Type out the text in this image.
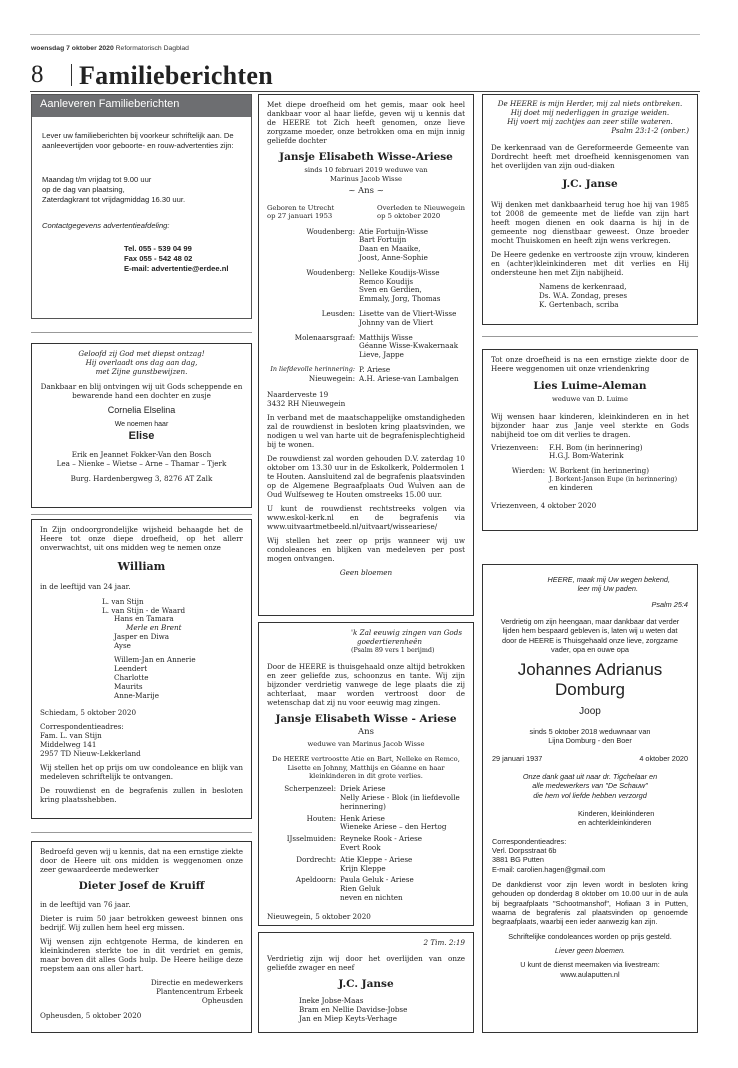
woensdag 7 oktober 2020 Reformatorisch Dagblad
8 Familieberichten
Aanleveren Familieberichten

Lever uw familieberichten bij voorkeur schriftelijk aan. De aanleevertijden voor geboorte- en rouw-advertenties zijn:

Maandag t/m vrijdag tot 9.00 uur
op de dag van plaatsing,
Zaterdagkrant tot vrijdagmiddag 16.30 uur.
Contactgegevens advertentieafdeling:
Tel. 055 - 539 04 99
Fax 055 - 542 48 02
E-mail: advertentie@erdee.nl
Geloofd zij God met diepst ontzag!
Hij overlaadt ons dag aan dag,
met Zijne gunstbewijzen.

Dankbaar en blij ontvingen wij uit Gods scheppende en bewarende hand een dochter en zusje

Cornelia Elselina
We noemen haar
Elise
Erik en Jeannet Fokker-Van den Bosch
Lea – Nienke – Wietse – Arne – Thamar – Tjerk
Burg. Hardenbergweg 3, 8276 AT Zalk

In Zijn ondoorgrondelijke wijsheid behaagde het de Heere tot onze diepe droefheid, op het allerr onverwachtst, uit ons midden weg te nemen onze

William
in de leeftijd van 24 jaar.
L. van Stijn
L. van Stijn - de Waard
Hans en Tamara
Merle en Brent
Jasper en Diwa
Ayse
Willem-Jan en Annerie
Leendert
Charlotte
Maurits
Anne-Marije

Schiedam, 5 oktober 2020

Correspondentieadres:
Fam. L. van Stijn
Middelweg 141

2957 TD Nieuw-Lekkerland

Wij stellen het op prijs om uw condoleance en blijk van medeleven schriftelijk te ontvangen.

De rouwdienst en de begrafenis zullen in besloten kring plaatsshebben.

Bedroefd geven wij u kennis, dat na een ernstige ziekte door de Heere uit ons midden is weggenomen onze zeer gewaardeerde medewerker

Dieter Josef de Kruiff

in de leeftijd van 76 jaar.

Dieter is ruim 50 jaar betrokken geweest binnen ons bedrijf. Wij zullen hem heel erg missen.

Wij wensen zijn echtgenote Herma, de kinderen en kleinkinderen sterkte toe in dit verdriet en gemis, maar boven dit alles Gods hulp. De Heere heilige deze roepstem aan ons aller hart.

Directie en medewerkers
Plantencentrum Erbeek
Opheusden
Opheusden, 5 oktober 2020

Met diepe droefheid om het gemis, maar ook heel dankbaar voor al haar liefde, geven wij u kennis dat de HEERE tot Zich heeft genomen, onze lieve zorgzame moeder, onze betrokken oma en mijn innig geliefde dochter

Jansje Elisabeth Wisse-Ariese
sinds 10 februari 2019 weduwe van
Marinus Jacob Wisse
~ Ans ~
Geboren te Utrecht
op 27 januari 1953
Overleden te Nieuwegein
op 5 oktober 2020
Woudenberg: Atie Fortuijn-Wisse
Bart Fortuijn
Daan en Maaike,
Joost, Anne-Sophie
Woudenberg: Nelleke Koudijs-Wisse
Remco Koudijs
Sven en Gerdien,
Emmaly, Jorg, Thomas
Leusden: Lisette van de Vliert-Wisse
Johnny van de Vliert
Molenaarsgraaf: Matthijs Wisse
Géanne Wisse-Kwakernaak
Lieve, Jappe
In liefdevolle herinnering: P. Ariese
Nieuwegein: A.H. Ariese-van Lambalgen
Naarderveste 19

3432 RH Nieuwegein

In verband met de maatschappelijke omstandigheden zal de rouwdienst in besloten kring plaatsvinden, we nodigen u wel van harte uit de begrafenisplechtigheid bij te wonen.

De rouwdienst zal worden gehouden D.V. zaterdag 10 oktober om 13.30 uur in de Eskolkerk, Poldermolen 1 te Houten. Aansluitend zal de begrafenis plaatsvinden op de Algemene Begraafplaats Oud Wulven aan de Oud Wulfseweg te Houten omstreeks 15.00 uur.

U kunt de rouwdienst rechtstreeks volgen via www.eskol-kerk.nl en de begrafenis via www.uitvaartmetbeeld.nl/uitvaart/wisseariese/

Wij stellen het zeer op prijs wanneer wij uw condoleances en blijken van medeleven per post mogen ontvangen.

Geen bloemen
'k Zal eeuwig zingen van Gods
goedertierenheên
(Psalm 89 vers 1 berijmd)

Door de HEERE is thuisgehaald onze altijd betrokken en zeer geliefde zus, schoonzus en tante. Wij zijn bijzonder verdrietig vanwege de lege plaats die zij achterlaat, maar worden vertroost door de wetenschap dat zij nu voor eeuwig mag zingen.

Jansje Elisabeth Wisse - Ariese
Ans
weduwe van Marinus Jacob Wisse

De HEERE vertroostte Atie en Bart, Nelleke en Remco, Lisette en Johnny, Matthijs en Géanne en haar kleinkinderen in dit grote verlies.

Scherpenzeel: Driek Ariese
Nelly Ariese - Blok (in liefdevolle herinnering)
Houten: Henk Ariese
Wieneke Ariese – den Hertog
IJsselmuiden: Reyneke Rook - Ariese
Evert Rook
Dordrecht: Atie Kleppe - Ariese
Krijn Kleppe
Apeldoorn: Paula Geluk - Ariese
Rien Geluk
neven en nichten
Nieuwegein, 5 oktober 2020
2 Tim. 2:19

Verdrietig zijn wij door het overlijden van onze geliefde zwager en neef

J.C. Janse
Ineke Jobse-Maas
Bram en Nellie Davidse-Jobse
Jan en Miep Keyts-Verhage
De HEERE is mijn Herder, mij zal niets ontbreken.
Hij doet mij nederliggen in grazige weiden.
Hij voert mij zachtjes aan zeer stille wateren.
Psalm 23:1-2 (onber.)

De kerkenraad van de Gereformeerde Gemeente van Dordrecht heeft met droefheid kennisgenomen van het overlijden van zijn oud-diaken

J.C. Janse

Wij denken met dankbaarheid terug hoe hij van 1985 tot 2008 de gemeente met de liefde van zijn hart heeft mogen dienen en ook daarna is hij in de gemeente nog dienstbaar geweest. Onze broeder mocht Thuiskomen en heeft zijn wens verkregen.

De Heere gedenke en vertrooste zijn vrouw, kinderen en (achter)kleinkinderen met dit verlies en Hij ondersteune hen met Zijn nabijheid.

Namens de kerkenraad,
Ds. W.A. Zondag, preses
K. Gertenbach, scriba

Tot onze droefheid is na een ernstige ziekte door de Heere weggenomen uit onze vriendenkring

Lies Luime-Aleman
weduwe van D. Luime

Wij wensen haar kinderen, kleinkinderen en in het bijzonder haar zus Janje veel sterkte en Gods nabijheid toe om dit verlies te dragen.

Vriezenveen:	F.H. Bom (in herinnering)
H.G.J. Bom-Waterink
Wierden: W. Borkent (in herinnering)
J. Borkent-Jansen Eupe (in herinnering)
en kinderen
Vriezenveen, 4 oktober 2020
HEERE, maak mij Uw wegen bekend,
leer mij Uw paden.
Psalm 25:4

Verdrietig om zijn heengaan, maar dankbaar dat verder lijden hem bespaard gebleven is, laten wij u weten dat door de HEERE is Thuisgehaald onze lieve, zorgzame vader, opa en ouwe opa

Johannes Adrianus
Domburg
Joop
sinds 5 oktober 2018 weduwnaar van
Lijna Domburg - den Boer
29 januari 1937	4 oktober 2020
Onze dank gaat uit naar dr. Tigchelaar en
alle medewerkers van "De Schauw"
die hem vol liefde hebben verzorgd
Kinderen, kleinkinderen
en achterkleinkinderen
Correspondentieadres:
Verl. Dorpsstraat 6b
3881 BG Putten

E-mail: carolien.hagen@gmail.com

De dankdienst voor zijn leven wordt in besloten kring gehouden op donderdag 8 oktober om 10.00 uur in de aula bij begraafplaats "Schootmanshof", Hofiaan 3 in Putten, waarna de begrafenis zal plaatsvinden op genoemde begraafplaats, waarbij een ieder aanwezig kan zijn.

Schriftelijke condoleances worden op prijs gesteld.

Liever geen bloemen.

U kunt de dienst meemaken via livestream:
www.aulaputten.nl
